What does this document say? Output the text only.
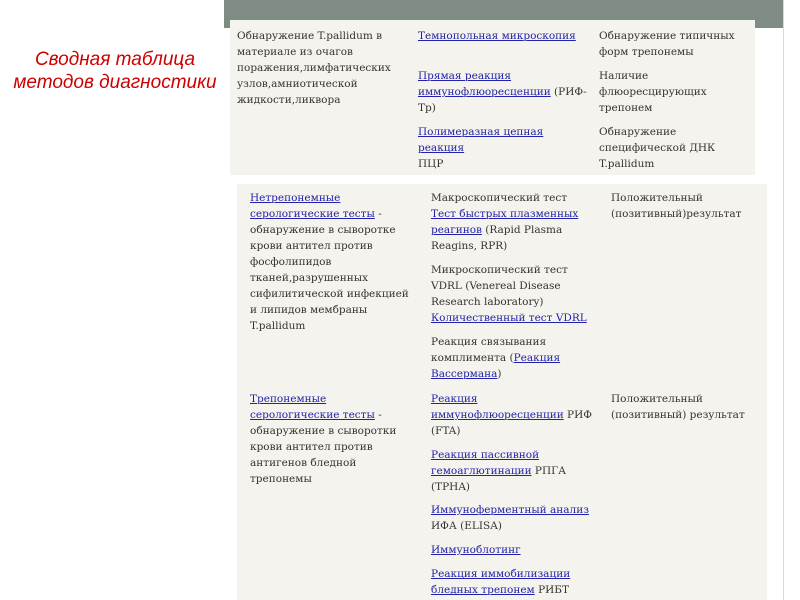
Сводная таблица методов диагностики
Обнаружение T.pallidum в материале из очагов поражения,лимфатических узлов,амниотической жидкости,ликвора
Темнопольная микроскопия	Обнаружение типичных форм трепонемы
Прямая реакция иммунофлюоресценции (РИФ-Тр)
Наличие флюоресцирующих трепонем
Полимеразная цепная реакция
ПЦР
Обнаружение специфической ДНК T.pallidum
Нетрепонемные серологические тесты - обнаружение в сыворотке крови антител против фосфолипидов тканей,разрушенных сифилитической инфекцией и липидов мембраны T.pallidum
Положительный (позитивный)результат
Макроскопический тест
Тест быстрых плазменных реагинов (Rapid Plasma Reagins, RPR)
Микроскопический тест VDRL (Venereal Disease Research laboratory)
Количественный тест VDRL
Реакция связывания комплимента (Реакция Вассермана)
Трепонемные серологические тесты - обнаружение в сыворотки крови антител против антигенов бледной трепонемы
Положительный (позитивный) результат
Реакция иммунофлюоресценции РИФ (FTA)
Реакция пассивной гемоаглютинации РПГА (TPHA)
Иммуноферментный анализ ИФА (ELISA)
Иммуноблотинг
Реакция иммобилизации бледных трепонем РИБТ
